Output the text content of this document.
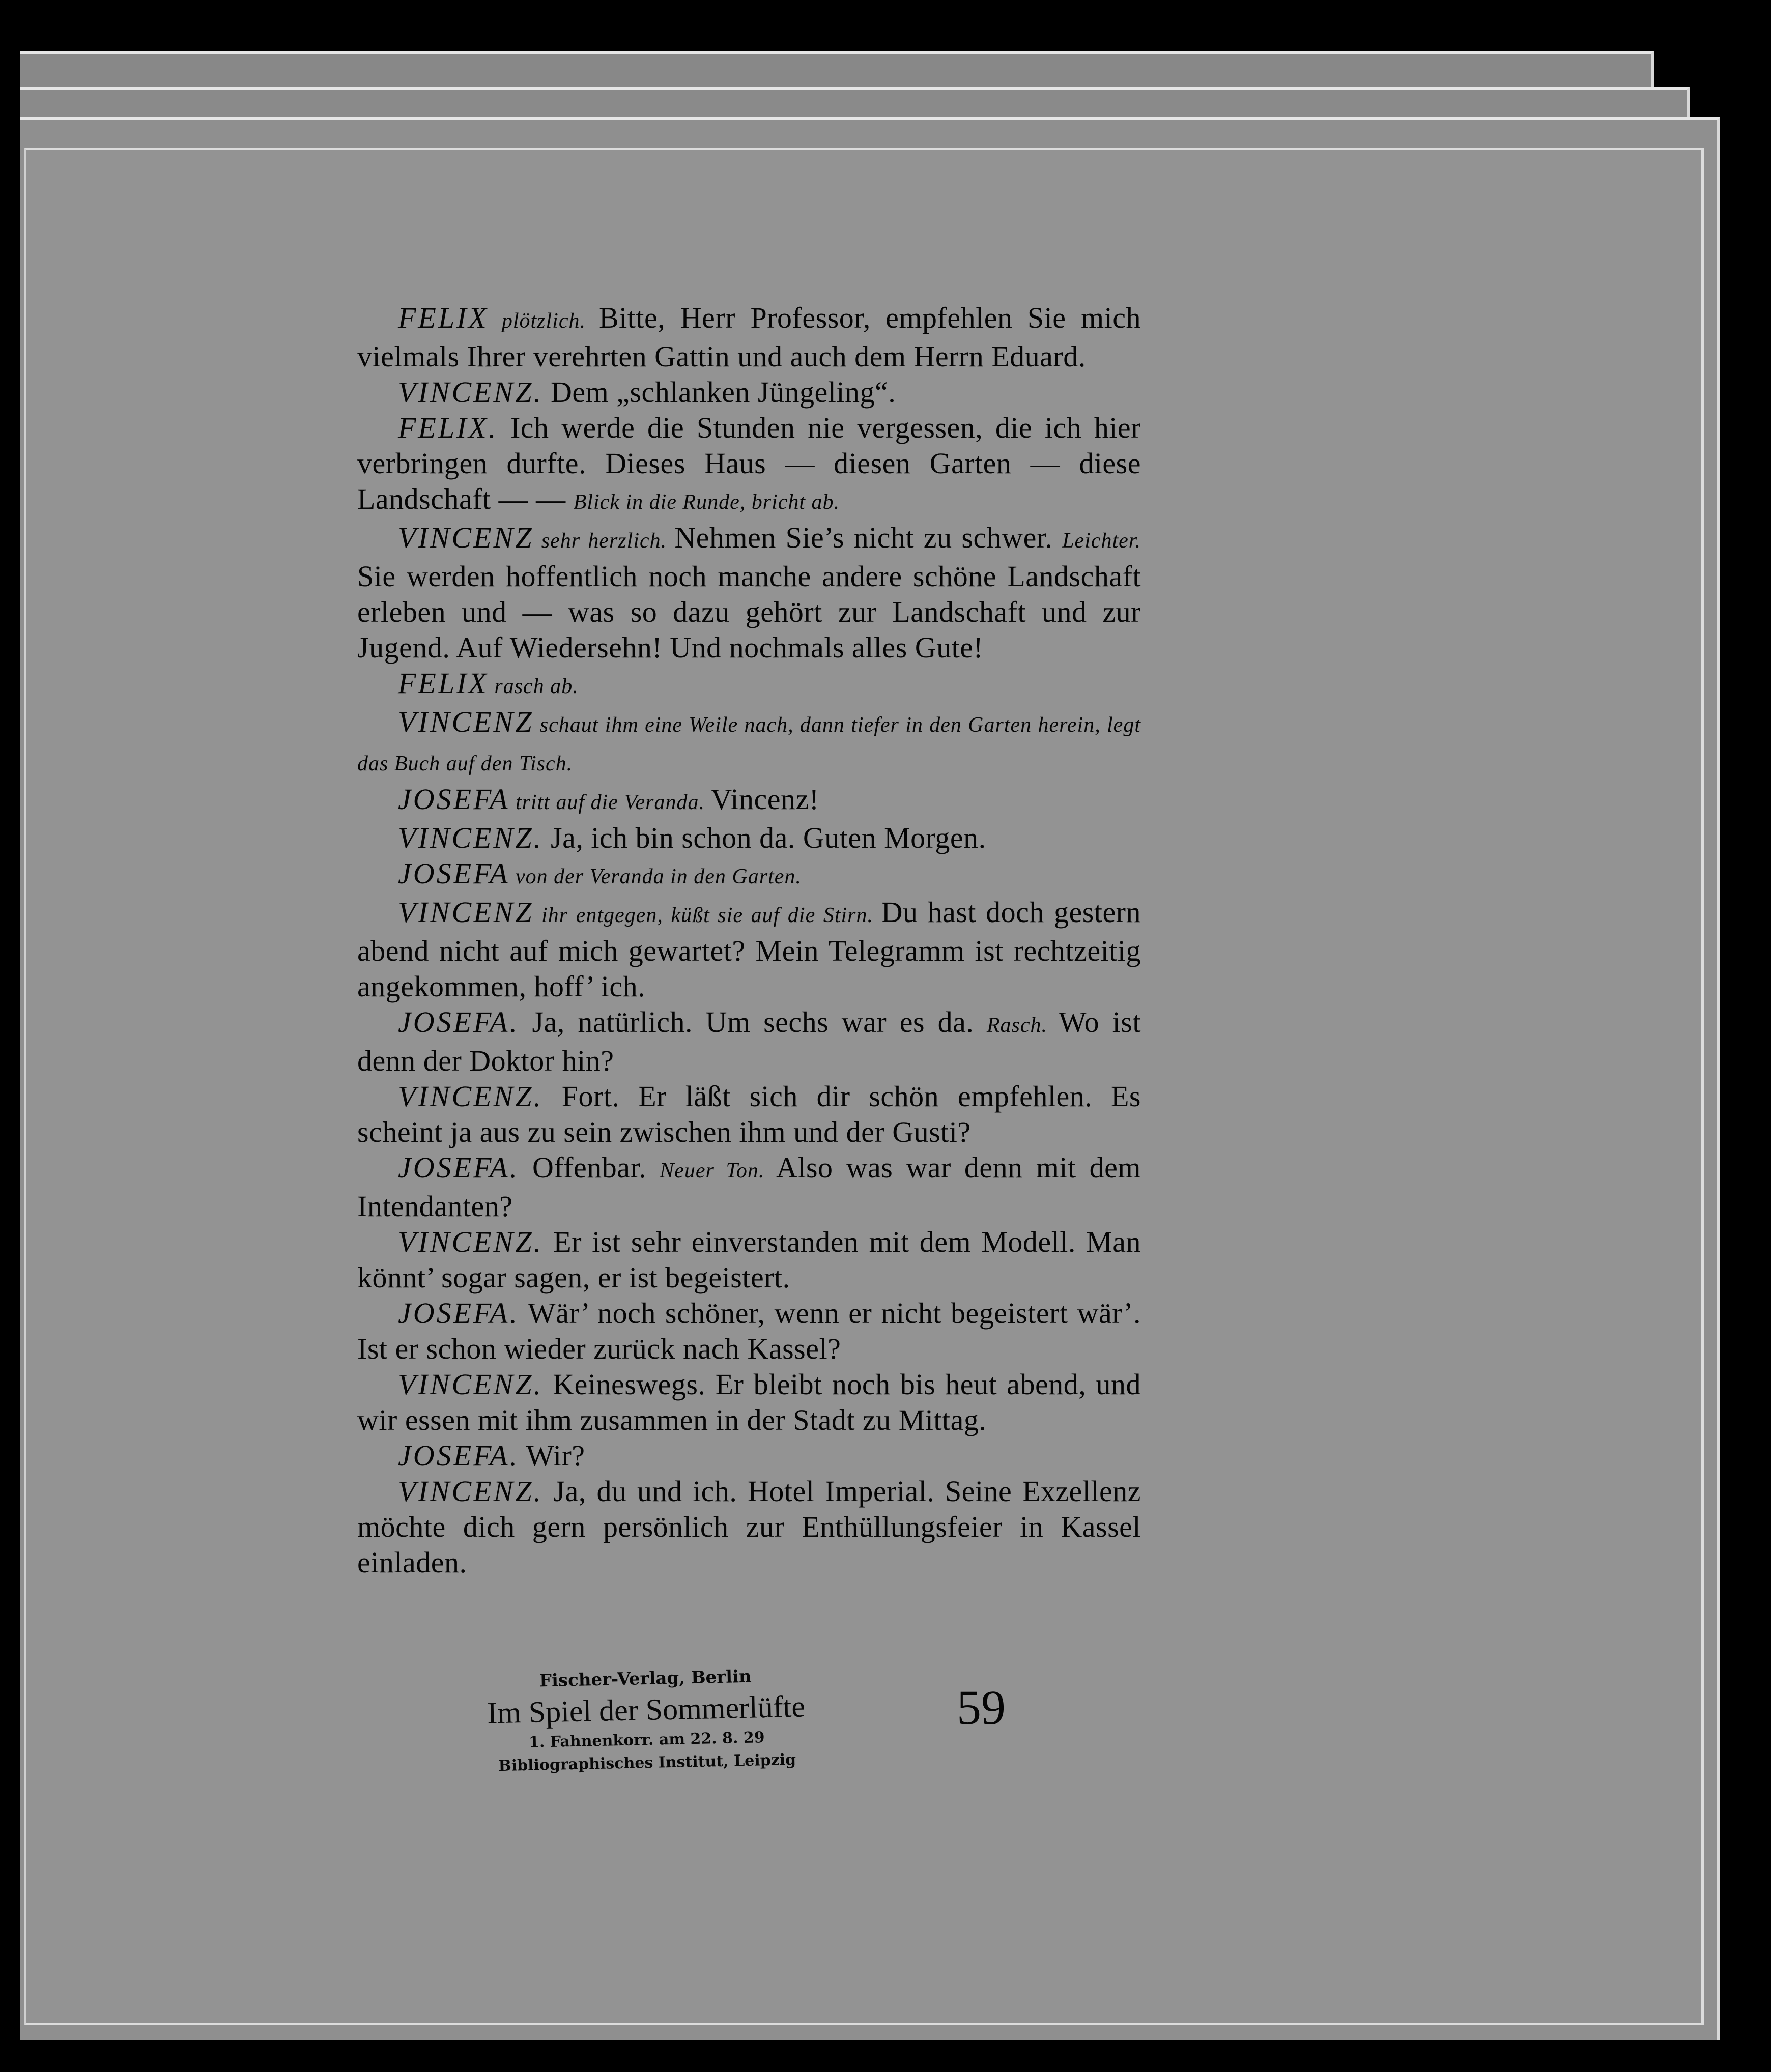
FELIX plötzlich. Bitte, Herr Professor, empfehlen Sie mich vielmals Ihrer verehrten Gattin und auch dem Herrn Eduard.

VINCENZ. Dem „schlanken Jüngeling“.

FELIX. Ich werde die Stunden nie vergessen, die ich hier verbringen durfte. Dieses Haus — diesen Garten — diese Landschaft — — Blick in die Runde, bricht ab.

VINCENZ sehr herzlich. Nehmen Sie’s nicht zu schwer. Leichter. Sie werden hoffentlich noch manche andere schöne Landschaft erleben und — was so dazu gehört zur Landschaft und zur Jugend. Auf Wiedersehn! Und nochmals alles Gute!

FELIX rasch ab.

VINCENZ schaut ihm eine Weile nach, dann tiefer in den Garten herein, legt das Buch auf den Tisch.

JOSEFA tritt auf die Veranda. Vincenz!

VINCENZ. Ja, ich bin schon da. Guten Morgen.

JOSEFA von der Veranda in den Garten.

VINCENZ ihr entgegen, küßt sie auf die Stirn. Du hast doch gestern abend nicht auf mich gewartet? Mein Telegramm ist rechtzeitig angekommen, hoff’ ich.

JOSEFA. Ja, natürlich. Um sechs war es da. Rasch. Wo ist denn der Doktor hin?

VINCENZ. Fort. Er läßt sich dir schön empfehlen. Es scheint ja aus zu sein zwischen ihm und der Gusti?

JOSEFA. Offenbar. Neuer Ton. Also was war denn mit dem Intendanten?

VINCENZ. Er ist sehr einverstanden mit dem Modell. Man könnt’ sogar sagen, er ist begeistert.

JOSEFA. Wär’ noch schöner, wenn er nicht begeistert wär’. Ist er schon wieder zurück nach Kassel?

VINCENZ. Keineswegs. Er bleibt noch bis heut abend, und wir essen mit ihm zusammen in der Stadt zu Mittag.

JOSEFA. Wir?

VINCENZ. Ja, du und ich. Hotel Imperial. Seine Exzellenz möchte dich gern persönlich zur Enthüllungsfeier in Kassel einladen.

Fischer-Verlag, Berlin
Im Spiel der Sommerlüfte
1. Fahnenkorr. am 22. 8. 29
Bibliographisches Institut, Leipzig
59
